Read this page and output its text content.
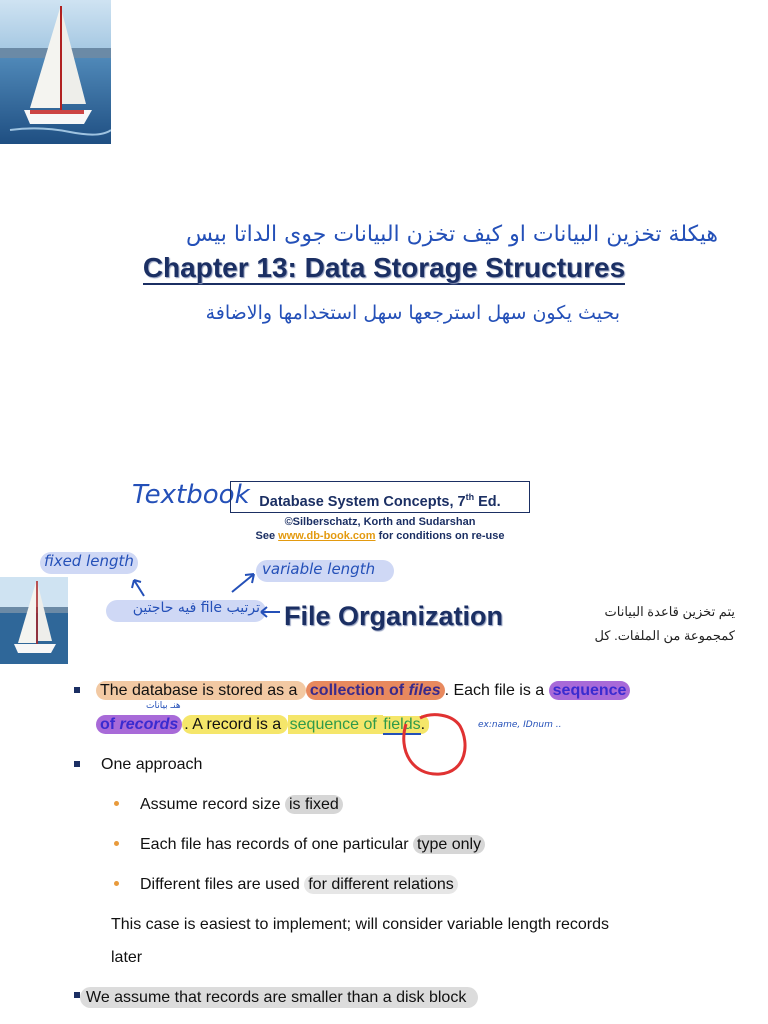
هيكلة تخزين البيانات او كيف تخزن البيانات جوى الداتا بيس
Chapter 13: Data Storage Structures
بحيث يكون سهل استرجعها سهل استخدامها والاضافة
Textbook Database System Concepts, 7th Ed.
©Silberschatz, Korth and Sudarshan
See www.db-book.com for conditions on re-use
fixed length	variable length
ترتيب file فيه حاجتين File Organization	يتم تخزين قاعدة البيانات
كمجموعة من الملفات. كل
The database is stored as a collection of files . Each file is a sequence
هنـ بيانات
of records . A record is a sequence of fields.	ex:name, IDnum ..
One approach
Assume record size is fixed
Each file has records of one particular type only
Different files are used for different relations
This case is easiest to implement; will consider variable length records
later
We assume that records are smaller than a disk block
